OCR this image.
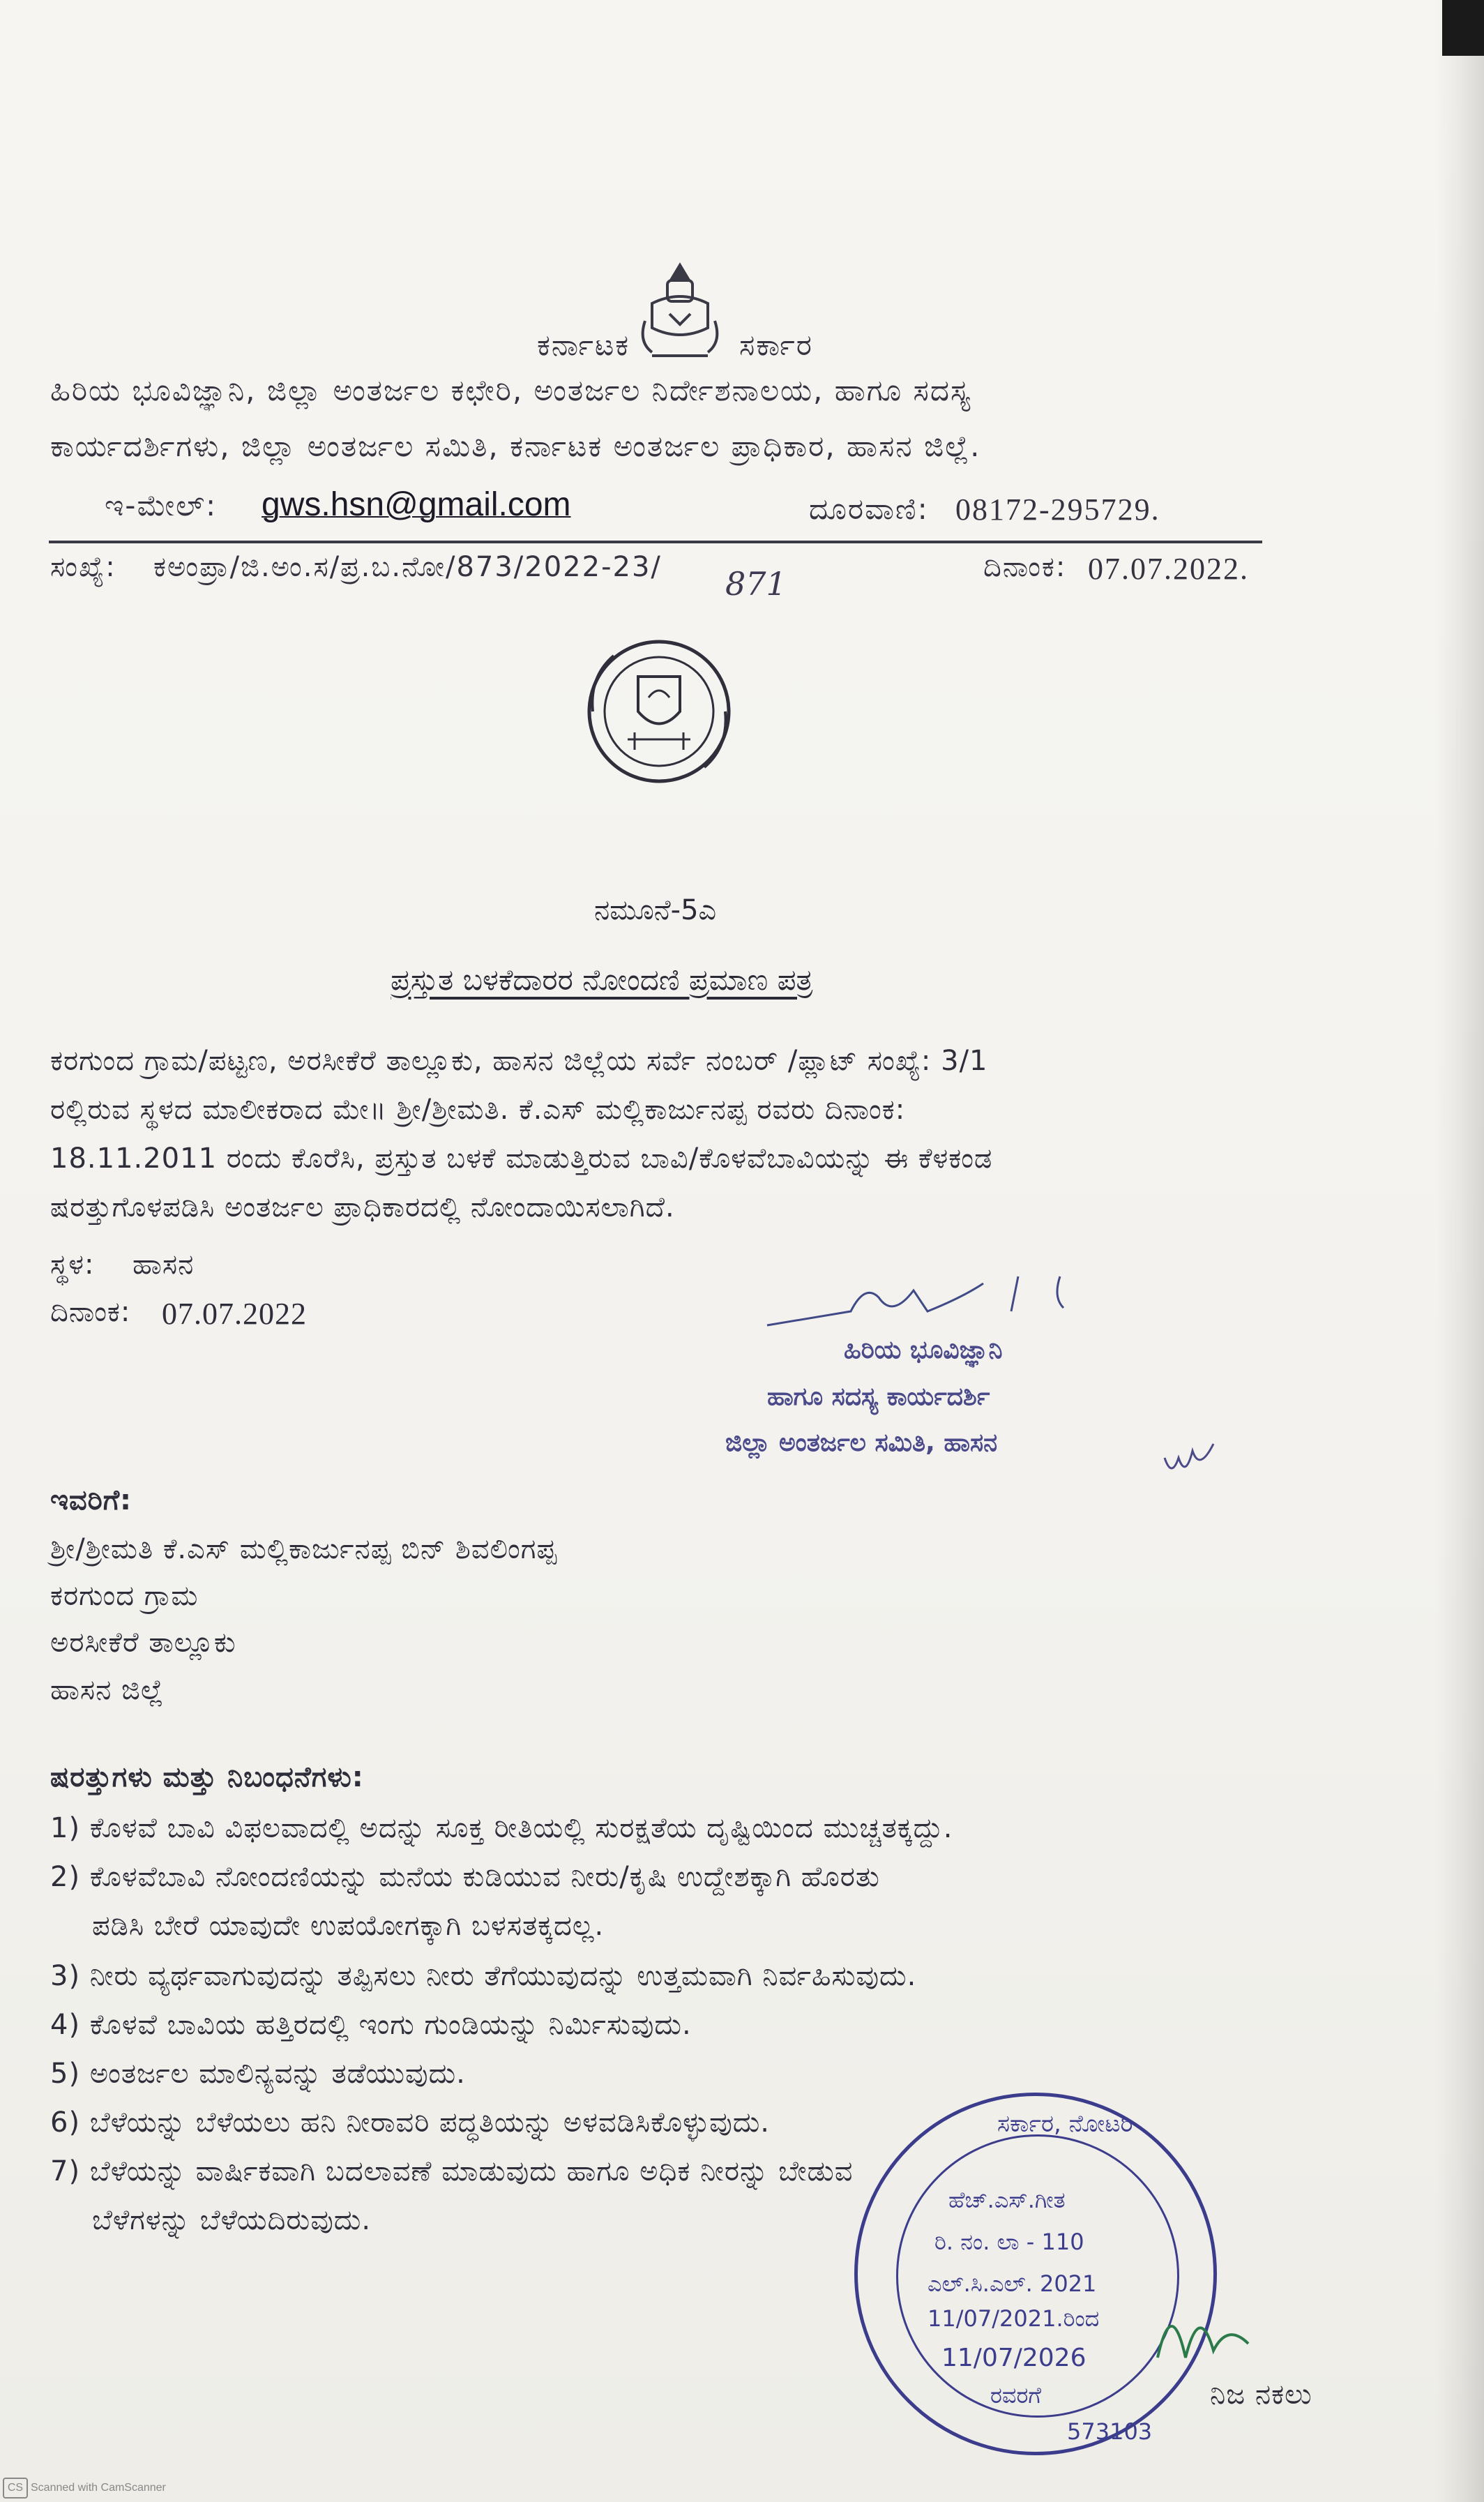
ಕರ್ನಾಟಕ	ಸರ್ಕಾರ
ಹಿರಿಯ ಭೂವಿಜ್ಞಾನಿ, ಜಿಲ್ಲಾ ಅಂತರ್ಜಲ ಕಛೇರಿ, ಅಂತರ್ಜಲ ನಿರ್ದೇಶನಾಲಯ, ಹಾಗೂ ಸದಸ್ಯ
ಕಾರ್ಯದರ್ಶಿಗಳು, ಜಿಲ್ಲಾ ಅಂತರ್ಜಲ ಸಮಿತಿ, ಕರ್ನಾಟಕ ಅಂತರ್ಜಲ ಪ್ರಾಧಿಕಾರ, ಹಾಸನ ಜಿಲ್ಲೆ.
ಇ-ಮೇಲ್: gws.hsn@gmail.com	ದೂರವಾಣಿ: 08172-295729.
ಸಂಖ್ಯೆ: ಕಅಂಪ್ರಾ/ಜಿ.ಅಂ.ಸ/ಪ್ರ.ಬ.ನೋ/873/2022-23/ 871	ದಿನಾಂಕ: 07.07.2022.
ನಮೂನೆ-5ಎ
ಪ್ರಸ್ತುತ ಬಳಕೆದಾರರ ನೋಂದಣಿ ಪ್ರಮಾಣ ಪತ್ರ
ಕರಗುಂದ ಗ್ರಾಮ/ಪಟ್ಟಣ, ಅರಸೀಕೆರೆ ತಾಲ್ಲೂಕು, ಹಾಸನ ಜಿಲ್ಲೆಯ ಸರ್ವೆ ನಂಬರ್ /ಪ್ಲಾಟ್ ಸಂಖ್ಯೆ: 3/1
ರಲ್ಲಿರುವ ಸ್ಥಳದ ಮಾಲೀಕರಾದ ಮೇ॥ ಶ್ರೀ/ಶ್ರೀಮತಿ. ಕೆ.ಎಸ್ ಮಲ್ಲಿಕಾರ್ಜುನಪ್ಪ ರವರು ದಿನಾಂಕ:
18.11.2011 ರಂದು ಕೊರೆಸಿ, ಪ್ರಸ್ತುತ ಬಳಕೆ ಮಾಡುತ್ತಿರುವ ಬಾವಿ/ಕೊಳವೆಬಾವಿಯನ್ನು ಈ ಕೆಳಕಂಡ
ಷರತ್ತುಗೊಳಪಡಿಸಿ ಅಂತರ್ಜಲ ಪ್ರಾಧಿಕಾರದಲ್ಲಿ ನೋಂದಾಯಿಸಲಾಗಿದೆ.
ಸ್ಥಳ: ಹಾಸನ
ದಿನಾಂಕ: 07.07.2022
ಹಿರಿಯ ಭೂವಿಜ್ಞಾನಿ
ಹಾಗೂ ಸದಸ್ಯ ಕಾರ್ಯದರ್ಶಿ
ಜಿಲ್ಲಾ ಅಂತರ್ಜಲ ಸಮಿತಿ, ಹಾಸನ
ಇವರಿಗೆ:
ಶ್ರೀ/ಶ್ರೀಮತಿ ಕೆ.ಎಸ್ ಮಲ್ಲಿಕಾರ್ಜುನಪ್ಪ ಬಿನ್ ಶಿವಲಿಂಗಪ್ಪ
ಕರಗುಂದ ಗ್ರಾಮ
ಅರಸೀಕೆರೆ ತಾಲ್ಲೂಕು
ಹಾಸನ ಜಿಲ್ಲೆ
ಷರತ್ತುಗಳು ಮತ್ತು ನಿಬಂಧನೆಗಳು:
1) ಕೊಳವೆ ಬಾವಿ ವಿಫಲವಾದಲ್ಲಿ ಅದನ್ನು ಸೂಕ್ತ ರೀತಿಯಲ್ಲಿ ಸುರಕ್ಷತೆಯ ದೃಷ್ಟಿಯಿಂದ ಮುಚ್ಚತಕ್ಕದ್ದು.
2) ಕೊಳವೆಬಾವಿ ನೋಂದಣಿಯನ್ನು ಮನೆಯ ಕುಡಿಯುವ ನೀರು/ಕೃಷಿ ಉದ್ದೇಶಕ್ಕಾಗಿ ಹೊರತು
ಪಡಿಸಿ ಬೇರೆ ಯಾವುದೇ ಉಪಯೋಗಕ್ಕಾಗಿ ಬಳಸತಕ್ಕದಲ್ಲ.
3) ನೀರು ವ್ಯರ್ಥವಾಗುವುದನ್ನು ತಪ್ಪಿಸಲು ನೀರು ತೆಗೆಯುವುದನ್ನು ಉತ್ತಮವಾಗಿ ನಿರ್ವಹಿಸುವುದು.
4) ಕೊಳವೆ ಬಾವಿಯ ಹತ್ತಿರದಲ್ಲಿ ಇಂಗು ಗುಂಡಿಯನ್ನು ನಿರ್ಮಿಸುವುದು.
5) ಅಂತರ್ಜಲ ಮಾಲಿನ್ಯವನ್ನು ತಡೆಯುವುದು.
6) ಬೆಳೆಯನ್ನು ಬೆಳೆಯಲು ಹನಿ ನೀರಾವರಿ ಪದ್ಧತಿಯನ್ನು ಅಳವಡಿಸಿಕೊಳ್ಳುವುದು.
7) ಬೆಳೆಯನ್ನು ವಾರ್ಷಿಕವಾಗಿ ಬದಲಾವಣೆ ಮಾಡುವುದು ಹಾಗೂ ಅಧಿಕ ನೀರನ್ನು ಬೇಡುವ
ಬೆಳೆಗಳನ್ನು ಬೆಳೆಯದಿರುವುದು.
ಸರ್ಕಾರ, ನೋಟರಿ
ಹೆಚ್.ಎಸ್.ಗೀತ
ರಿ. ನಂ. ಲಾ - 110
ಎಲ್.ಸಿ.ಎಲ್. 2021
11/07/2021.ರಿಂದ
11/07/2026
ರವರಗೆ
573103
ನಿಜ ನಕಲು
CS Scanned with CamScanner
